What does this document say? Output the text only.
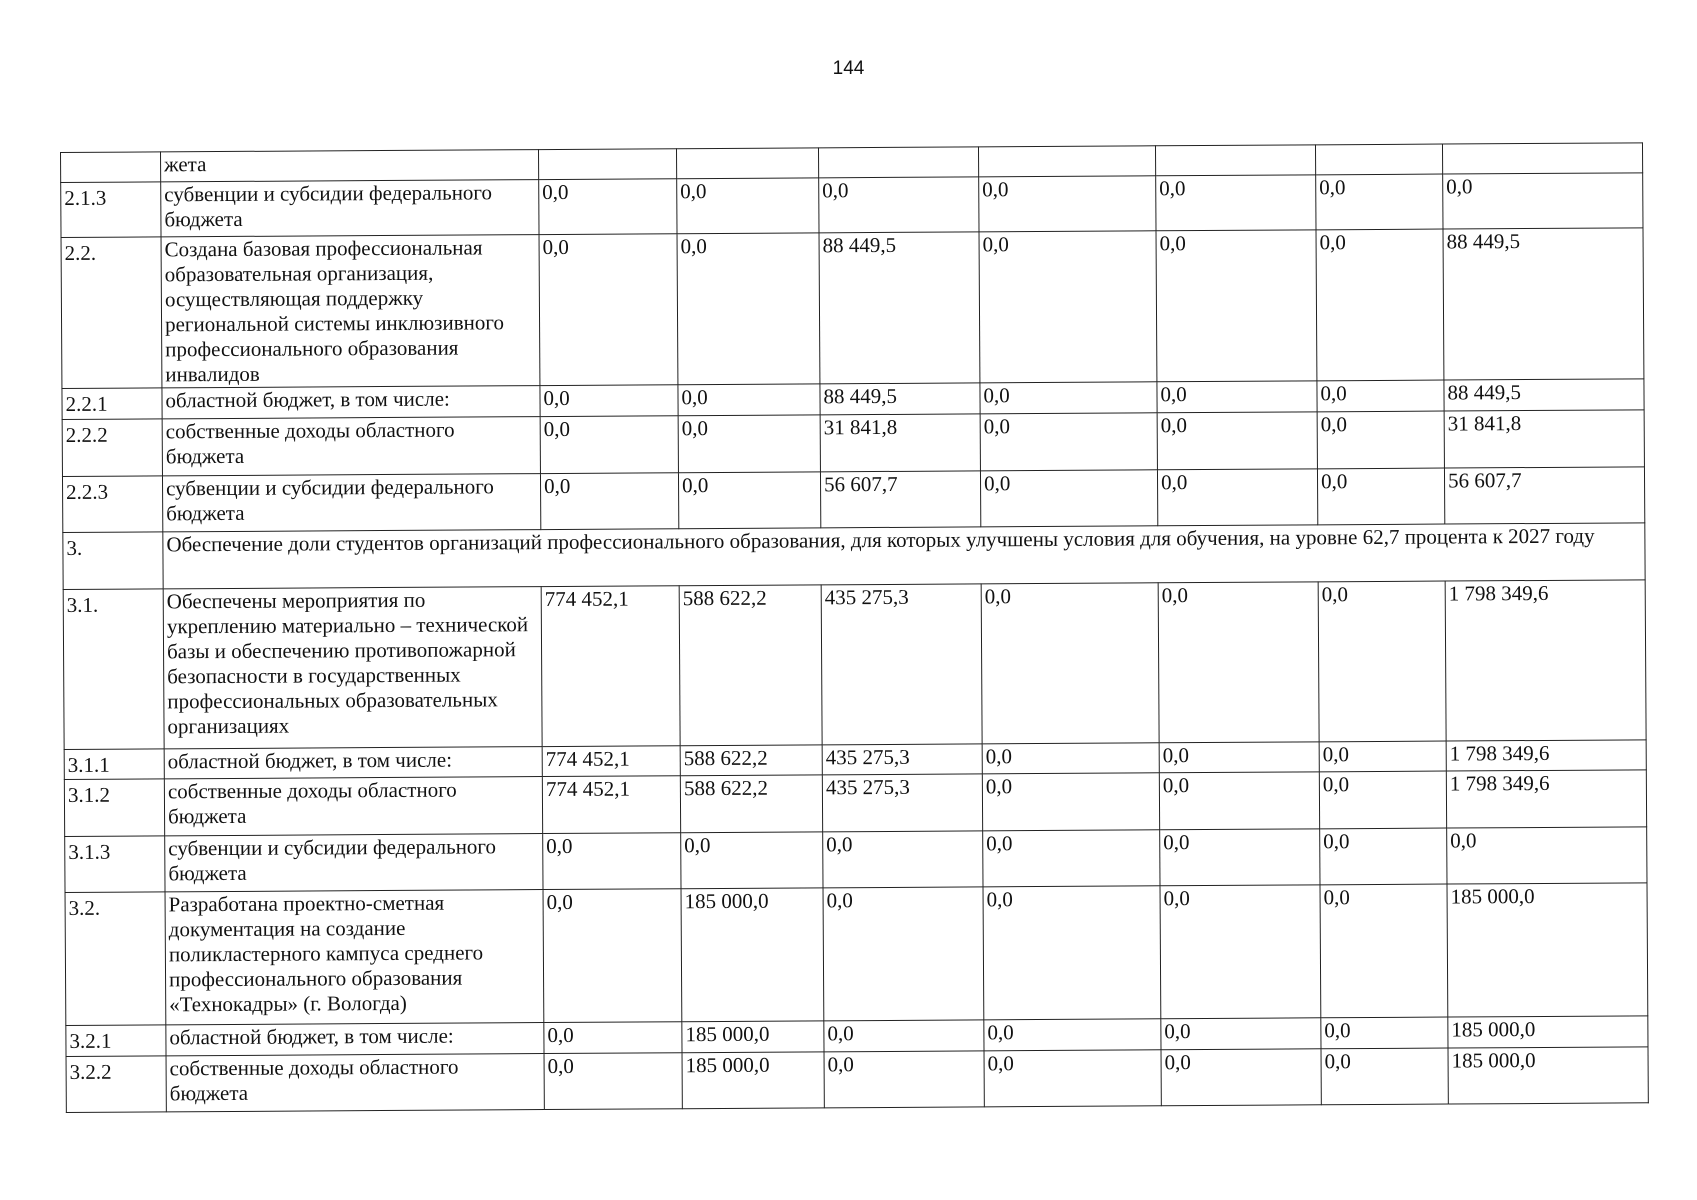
144
	жета							
2.1.3	субвенции и субсидии федерального бюджета	0,0	0,0	0,0	0,0	0,0	0,0	0,0
2.2.	Создана базовая профессиональная образовательная организация, осуществляющая поддержку региональной системы инклюзивного профессионального образования инвалидов	0,0	0,0	88 449,5	0,0	0,0	0,0	88 449,5
2.2.1	областной бюджет, в том числе:	0,0	0,0	88 449,5	0,0	0,0	0,0	88 449,5
2.2.2	собственные доходы областного бюджета	0,0	0,0	31 841,8	0,0	0,0	0,0	31 841,8
2.2.3	субвенции и субсидии федерального бюджета	0,0	0,0	56 607,7	0,0	0,0	0,0	56 607,7
3.	Обеспечение доли студентов организаций профессионального образования, для которых улучшены условия для обучения, на уровне 62,7 процента к 2027 году							
3.1.	Обеспечены мероприятия по укреплению материально – технической базы и обеспечению противопожарной безопасности в государственных профессиональных образовательных организациях	774 452,1	588 622,2	435 275,3	0,0	0,0	0,0	1 798 349,6
3.1.1	областной бюджет, в том числе:	774 452,1	588 622,2	435 275,3	0,0	0,0	0,0	1 798 349,6
3.1.2	собственные доходы областного бюджета	774 452,1	588 622,2	435 275,3	0,0	0,0	0,0	1 798 349,6
3.1.3	субвенции и субсидии федерального бюджета	0,0	0,0	0,0	0,0	0,0	0,0	0,0
3.2.	Разработана проектно-сметная документация на создание поликластерного кампуса среднего профессионального образования «Технокадры» (г. Вологда)	0,0	185 000,0	0,0	0,0	0,0	0,0	185 000,0
3.2.1	областной бюджет, в том числе:	0,0	185 000,0	0,0	0,0	0,0	0,0	185 000,0
3.2.2	собственные доходы областного бюджета	0,0	185 000,0	0,0	0,0	0,0	0,0	185 000,0
